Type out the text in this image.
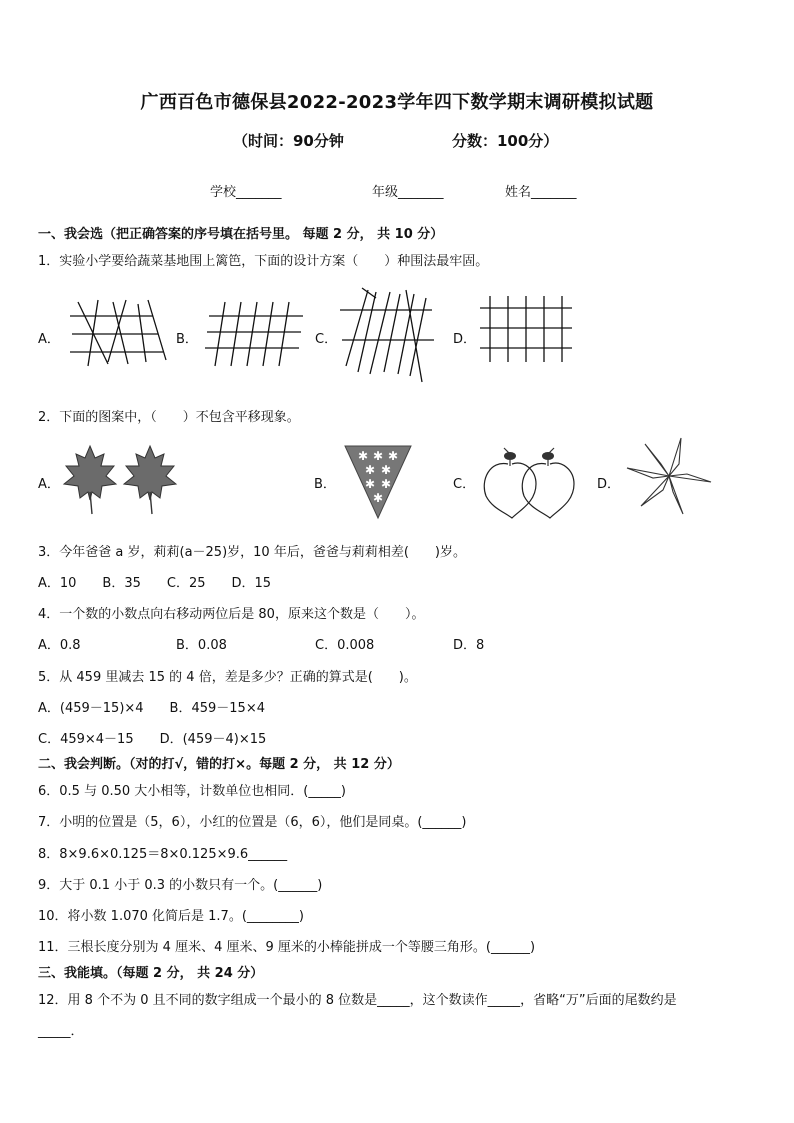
广西百色市德保县2022-2023学年四下数学期末调研模拟试题
（时间：90分钟	分数：100分）
学校_______	年级_______	姓名_______
一、我会选（把正确答案的序号填在括号里。 每题 2 分， 共 10 分）
1．实验小学要给蔬菜基地围上篱笆，下面的设计方案（　　）种围法最牢固。
A．	B．	C．	D．
2．下面的图案中，（　　）不包含平移现象。
A．	B．
✱ ✱ ✱
✱ ✱
✱ ✱
✱
C．	D．
3．今年爸爸 a 岁，莉莉(a－25)岁，10 年后，爸爸与莉莉相差(　　)岁。
A．10　　B．35　　C．25　　D．15
4．一个数的小数点向右移动两位后是 80，原来这个数是（　　）。
A．0.8	B．0.08	C．0.008	D．8
5．从 459 里减去 15 的 4 倍，差是多少？正确的算式是(　　)。
A．(459－15)×4　　B．459－15×4
C．459×4－15　　D．(459－4)×15
二、我会判断。（对的打√，错的打×。每题 2 分， 共 12 分）
6．0.5 与 0.50 大小相等，计数单位也相同．(_____)
7．小明的位置是（5，6），小红的位置是（6，6），他们是同桌。(______)
8．8×9.6×0.125＝8×0.125×9.6______
9．大于 0.1 小于 0.3 的小数只有一个。(______)
10．将小数 1.070 化简后是 1.7。(________)
11．三根长度分别为 4 厘米、4 厘米、9 厘米的小棒能拼成一个等腰三角形。(______)
三、我能填。（每题 2 分， 共 24 分）
12．用 8 个不为 0 且不同的数字组成一个最小的 8 位数是_____，这个数读作_____，省略“万”后面的尾数约是
_____．
